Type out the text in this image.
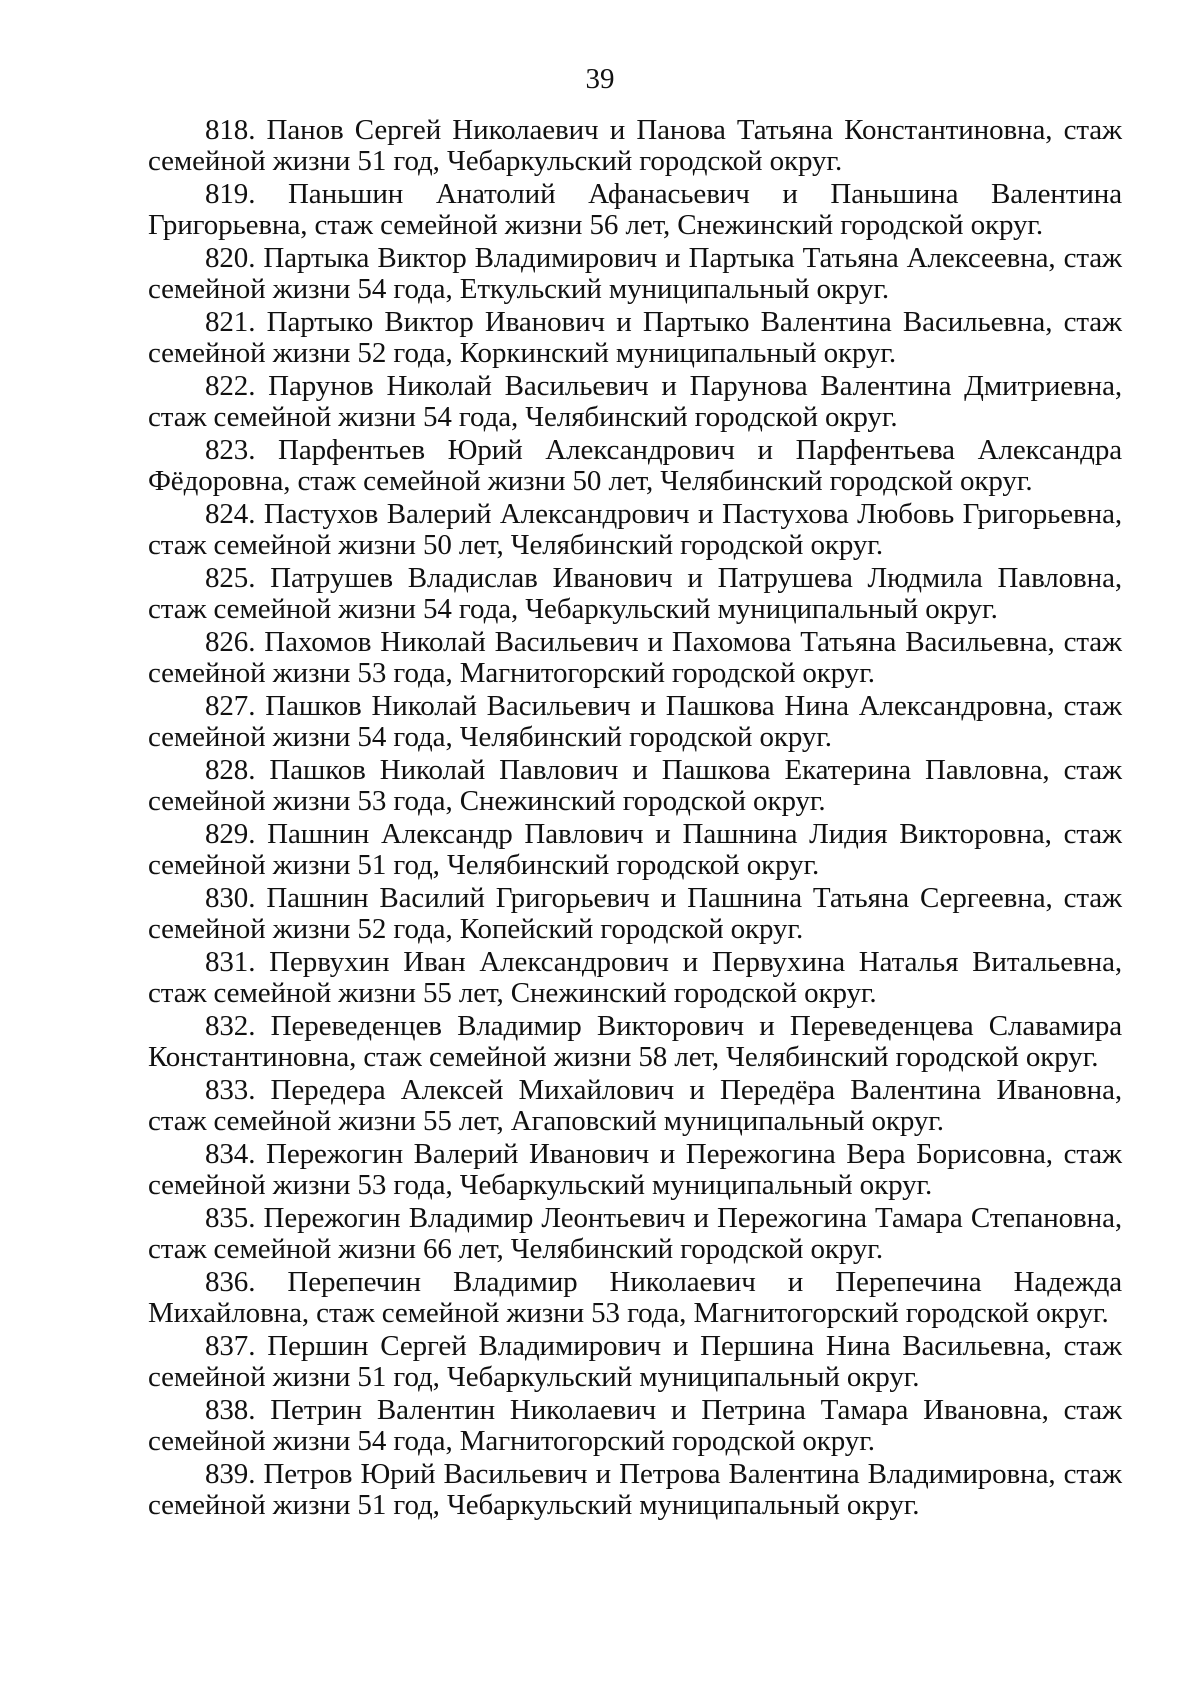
39

818. Панов Сергей Николаевич и Панова Татьяна Константиновна, стаж семейной жизни 51 год, Чебаркульский городской округ.

819. Паньшин Анатолий Афанасьевич и Паньшина Валентина Григорьевна, стаж семейной жизни 56 лет, Снежинский городской округ.

820. Партыка Виктор Владимирович и Партыка Татьяна Алексеевна, стаж семейной жизни 54 года, Еткульский муниципальный округ.

821. Партыко Виктор Иванович и Партыко Валентина Васильевна, стаж семейной жизни 52 года, Коркинский муниципальный округ.

822. Парунов Николай Васильевич и Парунова Валентина Дмитриевна, стаж семейной жизни 54 года, Челябинский городской округ.

823. Парфентьев Юрий Александрович и Парфентьева Александра Фёдоровна, стаж семейной жизни 50 лет, Челябинский городской округ.

824. Пастухов Валерий Александрович и Пастухова Любовь Григорьевна, стаж семейной жизни 50 лет, Челябинский городской округ.

825. Патрушев Владислав Иванович и Патрушева Людмила Павловна, стаж семейной жизни 54 года, Чебаркульский муниципальный округ.

826. Пахомов Николай Васильевич и Пахомова Татьяна Васильевна, стаж семейной жизни 53 года, Магнитогорский городской округ.

827. Пашков Николай Васильевич и Пашкова Нина Александровна, стаж семейной жизни 54 года, Челябинский городской округ.

828. Пашков Николай Павлович и Пашкова Екатерина Павловна, стаж семейной жизни 53 года, Снежинский городской округ.

829. Пашнин Александр Павлович и Пашнина Лидия Викторовна, стаж семейной жизни 51 год, Челябинский городской округ.

830. Пашнин Василий Григорьевич и Пашнина Татьяна Сергеевна, стаж семейной жизни 52 года, Копейский городской округ.

831. Первухин Иван Александрович и Первухина Наталья Витальевна, стаж семейной жизни 55 лет, Снежинский городской округ.

832. Переведенцев Владимир Викторович и Переведенцева Славамира Константиновна, стаж семейной жизни 58 лет, Челябинский городской округ.

833. Передера Алексей Михайлович и Передёра Валентина Ивановна, стаж семейной жизни 55 лет, Агаповский муниципальный округ.

834. Пережогин Валерий Иванович и Пережогина Вера Борисовна, стаж семейной жизни 53 года, Чебаркульский муниципальный округ.

835. Пережогин Владимир Леонтьевич и Пережогина Тамара Степановна, стаж семейной жизни 66 лет, Челябинский городской округ.

836. Перепечин Владимир Николаевич и Перепечина Надежда Михайловна, стаж семейной жизни 53 года, Магнитогорский городской округ.

837. Першин Сергей Владимирович и Першина Нина Васильевна, стаж семейной жизни 51 год, Чебаркульский муниципальный округ.

838. Петрин Валентин Николаевич и Петрина Тамара Ивановна, стаж семейной жизни 54 года, Магнитогорский городской округ.

839. Петров Юрий Васильевич и Петрова Валентина Владимировна, стаж семейной жизни 51 год, Чебаркульский муниципальный округ.
